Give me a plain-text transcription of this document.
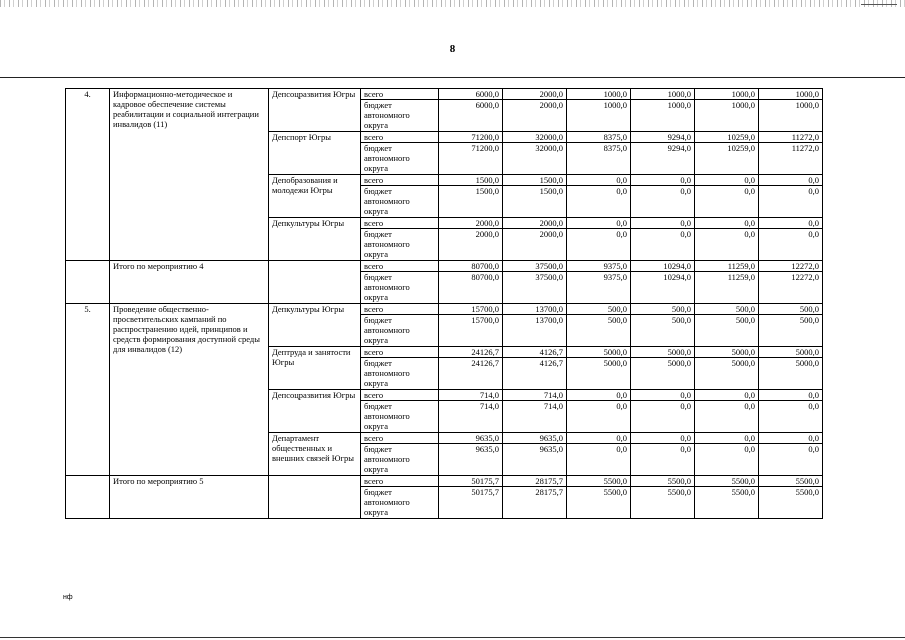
8
4.	Информационно-методическое и кадровое обеспечение системы реабилитации и социальной интеграции инвалидов (11)	Депсоцразвития Югры	всего	6000,0	2000,0	1000,0	1000,0	1000,0	1000,0
			бюджет автономного округа	6000,0	2000,0	1000,0	1000,0	1000,0	1000,0
		Депспорт Югры	всего	71200,0	32000,0	8375,0	9294,0	10259,0	11272,0
			бюджет автономного округа	71200,0	32000,0	8375,0	9294,0	10259,0	11272,0
		Депобразования и молодежи Югры	всего	1500,0	1500,0	0,0	0,0	0,0	0,0
			бюджет автономного округа	1500,0	1500,0	0,0	0,0	0,0	0,0
		Депкультуры Югры	всего	2000,0	2000,0	0,0	0,0	0,0	0,0
			бюджет автономного округа	2000,0	2000,0	0,0	0,0	0,0	0,0
	Итого по мероприятию 4		всего	80700,0	37500,0	9375,0	10294,0	11259,0	12272,0
			бюджет автономного округа	80700,0	37500,0	9375,0	10294,0	11259,0	12272,0
5.	Проведение общественно-просветительских кампаний по распространению идей, принципов и средств формирования доступной среды для инвалидов (12)	Депкультуры Югры	всего	15700,0	13700,0	500,0	500,0	500,0	500,0
			бюджет автономного округа	15700,0	13700,0	500,0	500,0	500,0	500,0
		Дептруда и занятости Югры	всего	24126,7	4126,7	5000,0	5000,0	5000,0	5000,0
			бюджет автономного округа	24126,7	4126,7	5000,0	5000,0	5000,0	5000,0
		Депсоцразвития Югры	всего	714,0	714,0	0,0	0,0	0,0	0,0
			бюджет автономного округа	714,0	714,0	0,0	0,0	0,0	0,0
		Департамент общественных и внешних связей Югры	всего	9635,0	9635,0	0,0	0,0	0,0	0,0
			бюджет автономного округа	9635,0	9635,0	0,0	0,0	0,0	0,0
	Итого по мероприятию 5		всего	50175,7	28175,7	5500,0	5500,0	5500,0	5500,0
			бюджет автономного округа	50175,7	28175,7	5500,0	5500,0	5500,0	5500,0
нф
